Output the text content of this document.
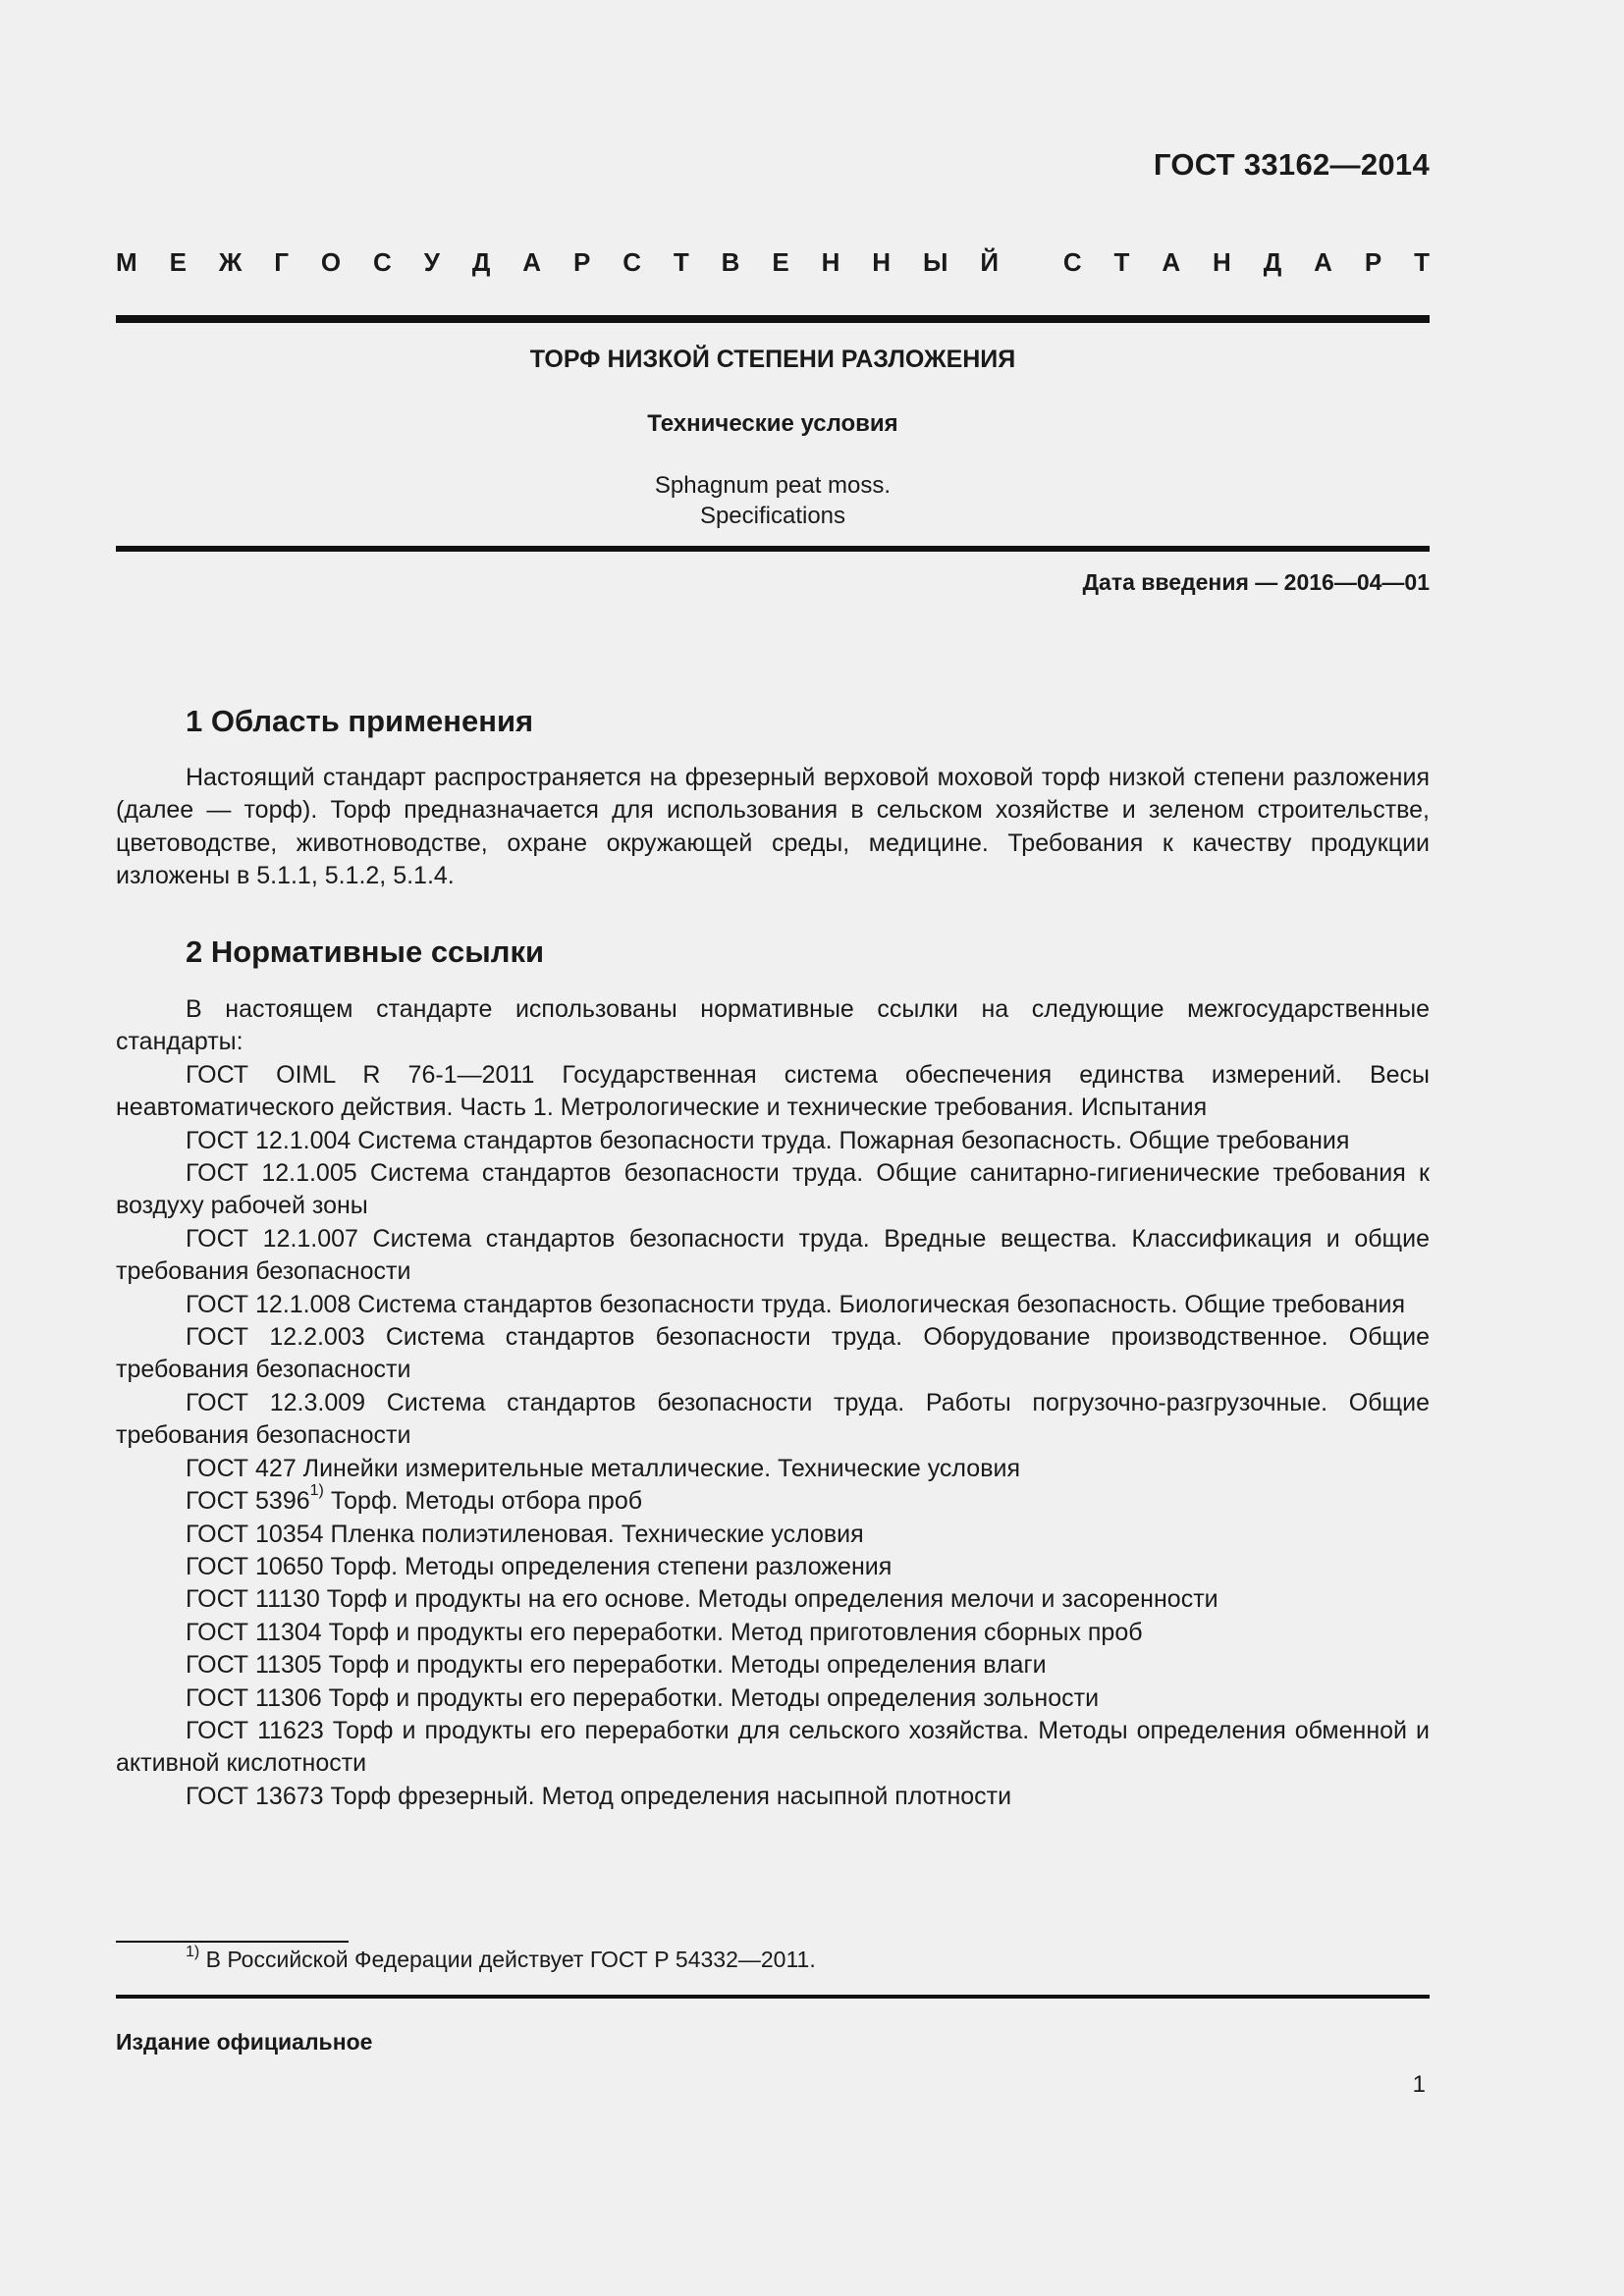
ГОСТ 33162—2014
М Е Ж Г О С У Д А Р С Т В Е Н Н Ы Й	С Т А Н Д А Р Т
ТОРФ НИЗКОЙ СТЕПЕНИ РАЗЛОЖЕНИЯ
Технические условия
Sphagnum peat moss.
Specifications
Дата введения — 2016—04—01
1 Область применения

Настоящий стандарт распространяется на фрезерный верховой моховой торф низкой степени разложения (далее — торф). Торф предназначается для использования в сельском хозяйстве и зеленом строительстве, цветоводстве, животноводстве, охране окружающей среды, медицине. Требования к качеству продукции изложены в 5.1.1, 5.1.2, 5.1.4.

2 Нормативные ссылки

В настоящем стандарте использованы нормативные ссылки на следующие межгосударственные стандарты:

ГОСТ OIML R 76-1—2011 Государственная система обеспечения единства измерений. Весы неавтоматического действия. Часть 1. Метрологические и технические требования. Испытания

ГОСТ 12.1.004 Система стандартов безопасности труда. Пожарная безопасность. Общие требования

ГОСТ 12.1.005 Система стандартов безопасности труда. Общие санитарно-гигиенические требования к воздуху рабочей зоны

ГОСТ 12.1.007 Система стандартов безопасности труда. Вредные вещества. Классификация и общие требования безопасности

ГОСТ 12.1.008 Система стандартов безопасности труда. Биологическая безопасность. Общие требования

ГОСТ 12.2.003 Система стандартов безопасности труда. Оборудование производственное. Общие требования безопасности

ГОСТ 12.3.009 Система стандартов безопасности труда. Работы погрузочно-разгрузочные. Общие требования безопасности

ГОСТ 427 Линейки измерительные металлические. Технические условия

ГОСТ 5396$^{1)}$ Торф. Методы отбора проб

ГОСТ 10354 Пленка полиэтиленовая. Технические условия

ГОСТ 10650 Торф. Методы определения степени разложения

ГОСТ 11130 Торф и продукты на его основе. Методы определения мелочи и засоренности

ГОСТ 11304 Торф и продукты его переработки. Метод приготовления сборных проб

ГОСТ 11305 Торф и продукты его переработки. Методы определения влаги

ГОСТ 11306 Торф и продукты его переработки. Методы определения зольности

ГОСТ 11623 Торф и продукты его переработки для сельского хозяйства. Методы определения обменной и активной кислотности

ГОСТ 13673 Торф фрезерный. Метод определения насыпной плотности

$^{1)}$ В Российской Федерации действует ГОСТ Р 54332—2011.
Издание официальное
1
